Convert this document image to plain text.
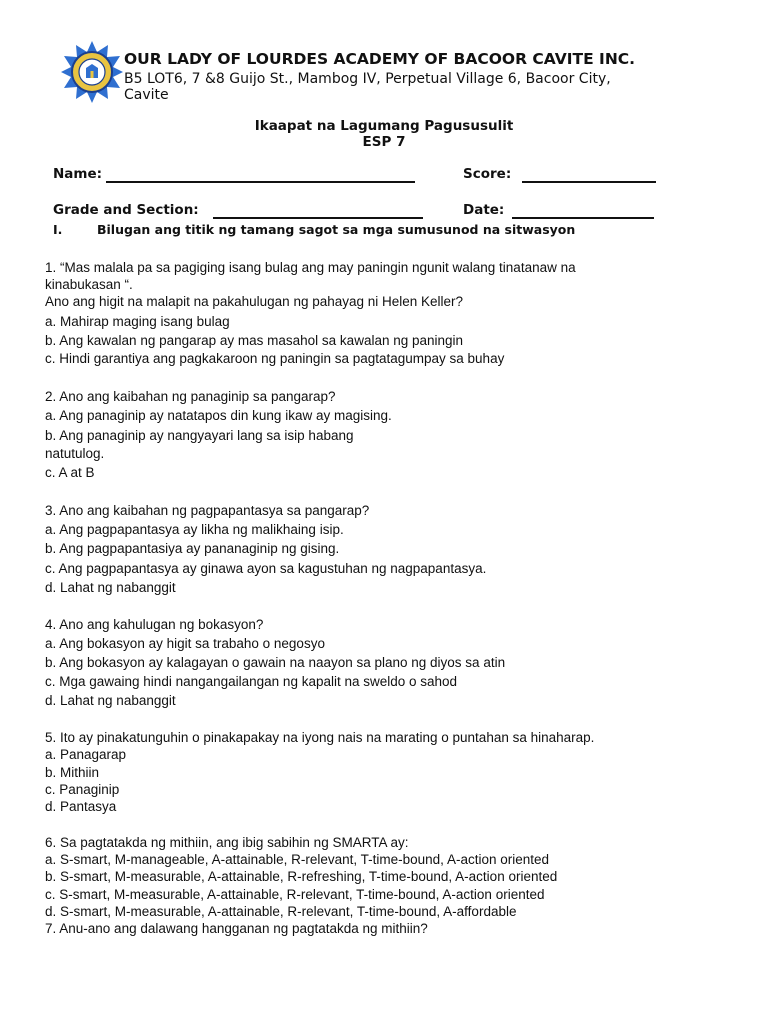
OUR LADY OF LOURDES ACADEMY OF BACOOR CAVITE INC.
B5 LOT6, 7 &8 Guijo St., Mambog IV, Perpetual Village 6, Bacoor City,
Cavite
Ikaapat na Lagumang Pagususulit
ESP 7
Name:	Score:
Grade and Section:	Date:
I.	Bilugan ang titik ng tamang sagot sa mga sumusunod na sitwasyon
1. “Mas malala pa sa pagiging isang bulag ang may paningin ngunit walang tinatanaw na
kinabukasan “.
Ano ang higit na malapit na pakahulugan ng pahayag ni Helen Keller?
a. Mahirap maging isang bulag
b. Ang kawalan ng pangarap ay mas masahol sa kawalan ng paningin
c. Hindi garantiya ang pagkakaroon ng paningin sa pagtatagumpay sa buhay
2. Ano ang kaibahan ng panaginip sa pangarap?
a. Ang panaginip ay natatapos din kung ikaw ay magising.
b. Ang panaginip ay nangyayari lang sa isip habang
natutulog.
c. A at B
3. Ano ang kaibahan ng pagpapantasya sa pangarap?
a. Ang pagpapantasya ay likha ng malikhaing isip.
b. Ang pagpapantasiya ay pananaginip ng gising.
c. Ang pagpapantasya ay ginawa ayon sa kagustuhan ng nagpapantasya.
d. Lahat ng nabanggit
4. Ano ang kahulugan ng bokasyon?
a. Ang bokasyon ay higit sa trabaho o negosyo
b. Ang bokasyon ay kalagayan o gawain na naayon sa plano ng diyos sa atin
c. Mga gawaing hindi nangangailangan ng kapalit na sweldo o sahod
d. Lahat ng nabanggit
5. Ito ay pinakatunguhin o pinakapakay na iyong nais na marating o puntahan sa hinaharap.
a. Panagarap
b. Mithiin
c. Panaginip
d. Pantasya
6. Sa pagtatakda ng mithiin, ang ibig sabihin ng SMARTA ay:
a. S-smart, M-manageable, A-attainable, R-relevant, T-time-bound, A-action oriented
b. S-smart, M-measurable, A-attainable, R-refreshing, T-time-bound, A-action oriented
c. S-smart, M-measurable, A-attainable, R-relevant, T-time-bound, A-action oriented
d. S-smart, M-measurable, A-attainable, R-relevant, T-time-bound, A-affordable
7. Anu-ano ang dalawang hangganan ng pagtatakda ng mithiin?
